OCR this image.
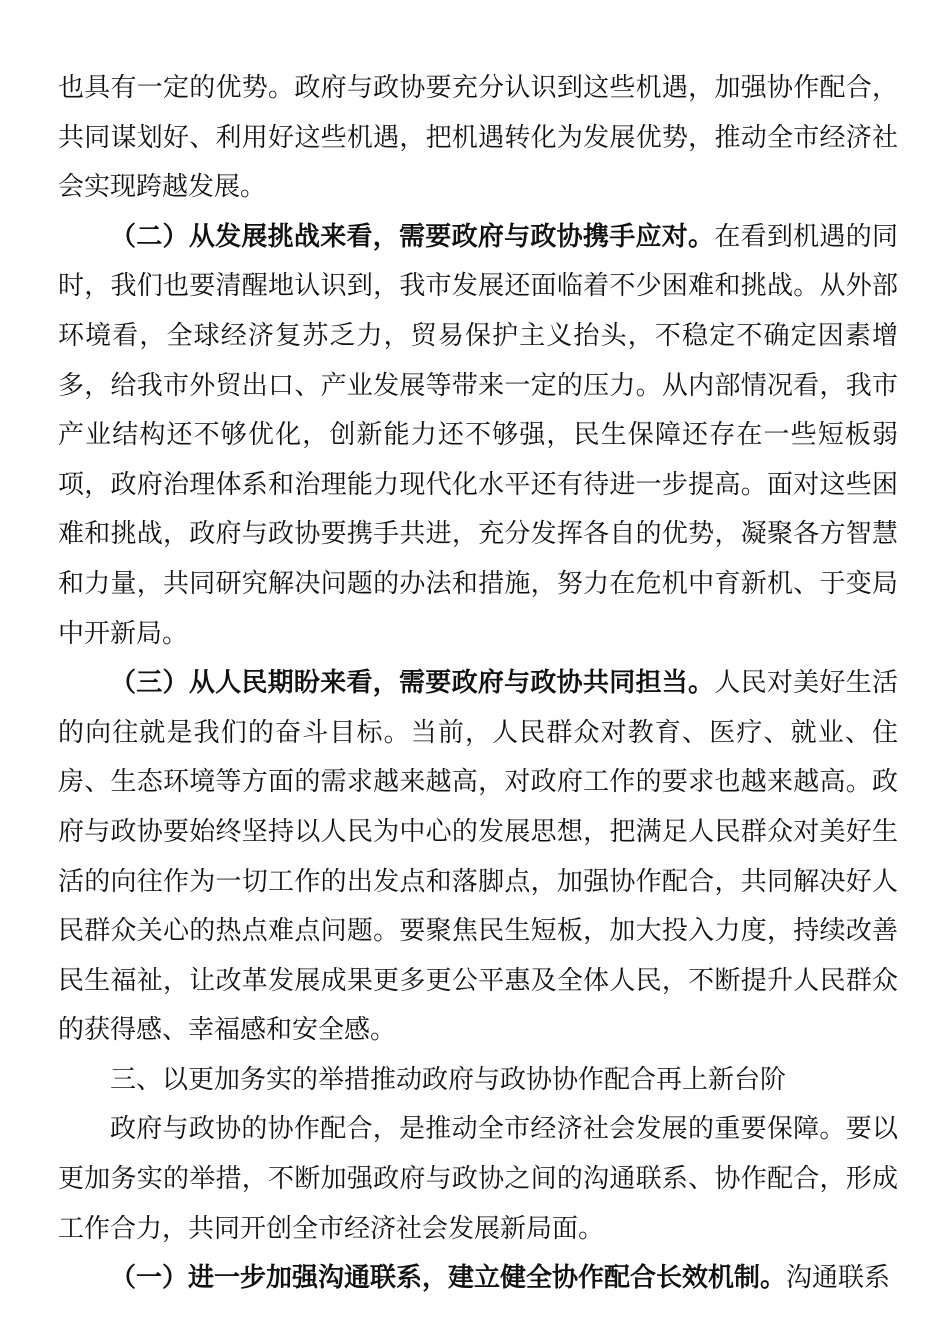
也具有一定的优势。政府与政协要充分认识到这些机遇，加强协作配合，共同谋划好、利用好这些机遇，把机遇转化为发展优势，推动全市经济社会实现跨越发展。

（二）从发展挑战来看，需要政府与政协携手应对。在看到机遇的同时，我们也要清醒地认识到，我市发展还面临着不少困难和挑战。从外部环境看，全球经济复苏乏力，贸易保护主义抬头，不稳定不确定因素增多，给我市外贸出口、产业发展等带来一定的压力。从内部情况看，我市产业结构还不够优化，创新能力还不够强，民生保障还存在一些短板弱项，政府治理体系和治理能力现代化水平还有待进一步提高。面对这些困难和挑战，政府与政协要携手共进，充分发挥各自的优势，凝聚各方智慧和力量，共同研究解决问题的办法和措施，努力在危机中育新机、于变局中开新局。

（三）从人民期盼来看，需要政府与政协共同担当。人民对美好生活的向往就是我们的奋斗目标。当前，人民群众对教育、医疗、就业、住房、生态环境等方面的需求越来越高，对政府工作的要求也越来越高。政府与政协要始终坚持以人民为中心的发展思想，把满足人民群众对美好生活的向往作为一切工作的出发点和落脚点，加强协作配合，共同解决好人民群众关心的热点难点问题。要聚焦民生短板，加大投入力度，持续改善民生福祉，让改革发展成果更多更公平惠及全体人民，不断提升人民群众的获得感、幸福感和安全感。

三、以更加务实的举措推动政府与政协协作配合再上新台阶

政府与政协的协作配合，是推动全市经济社会发展的重要保障。要以更加务实的举措，不断加强政府与政协之间的沟通联系、协作配合，形成工作合力，共同开创全市经济社会发展新局面。

（一）进一步加强沟通联系，建立健全协作配合长效机制。沟通联系
